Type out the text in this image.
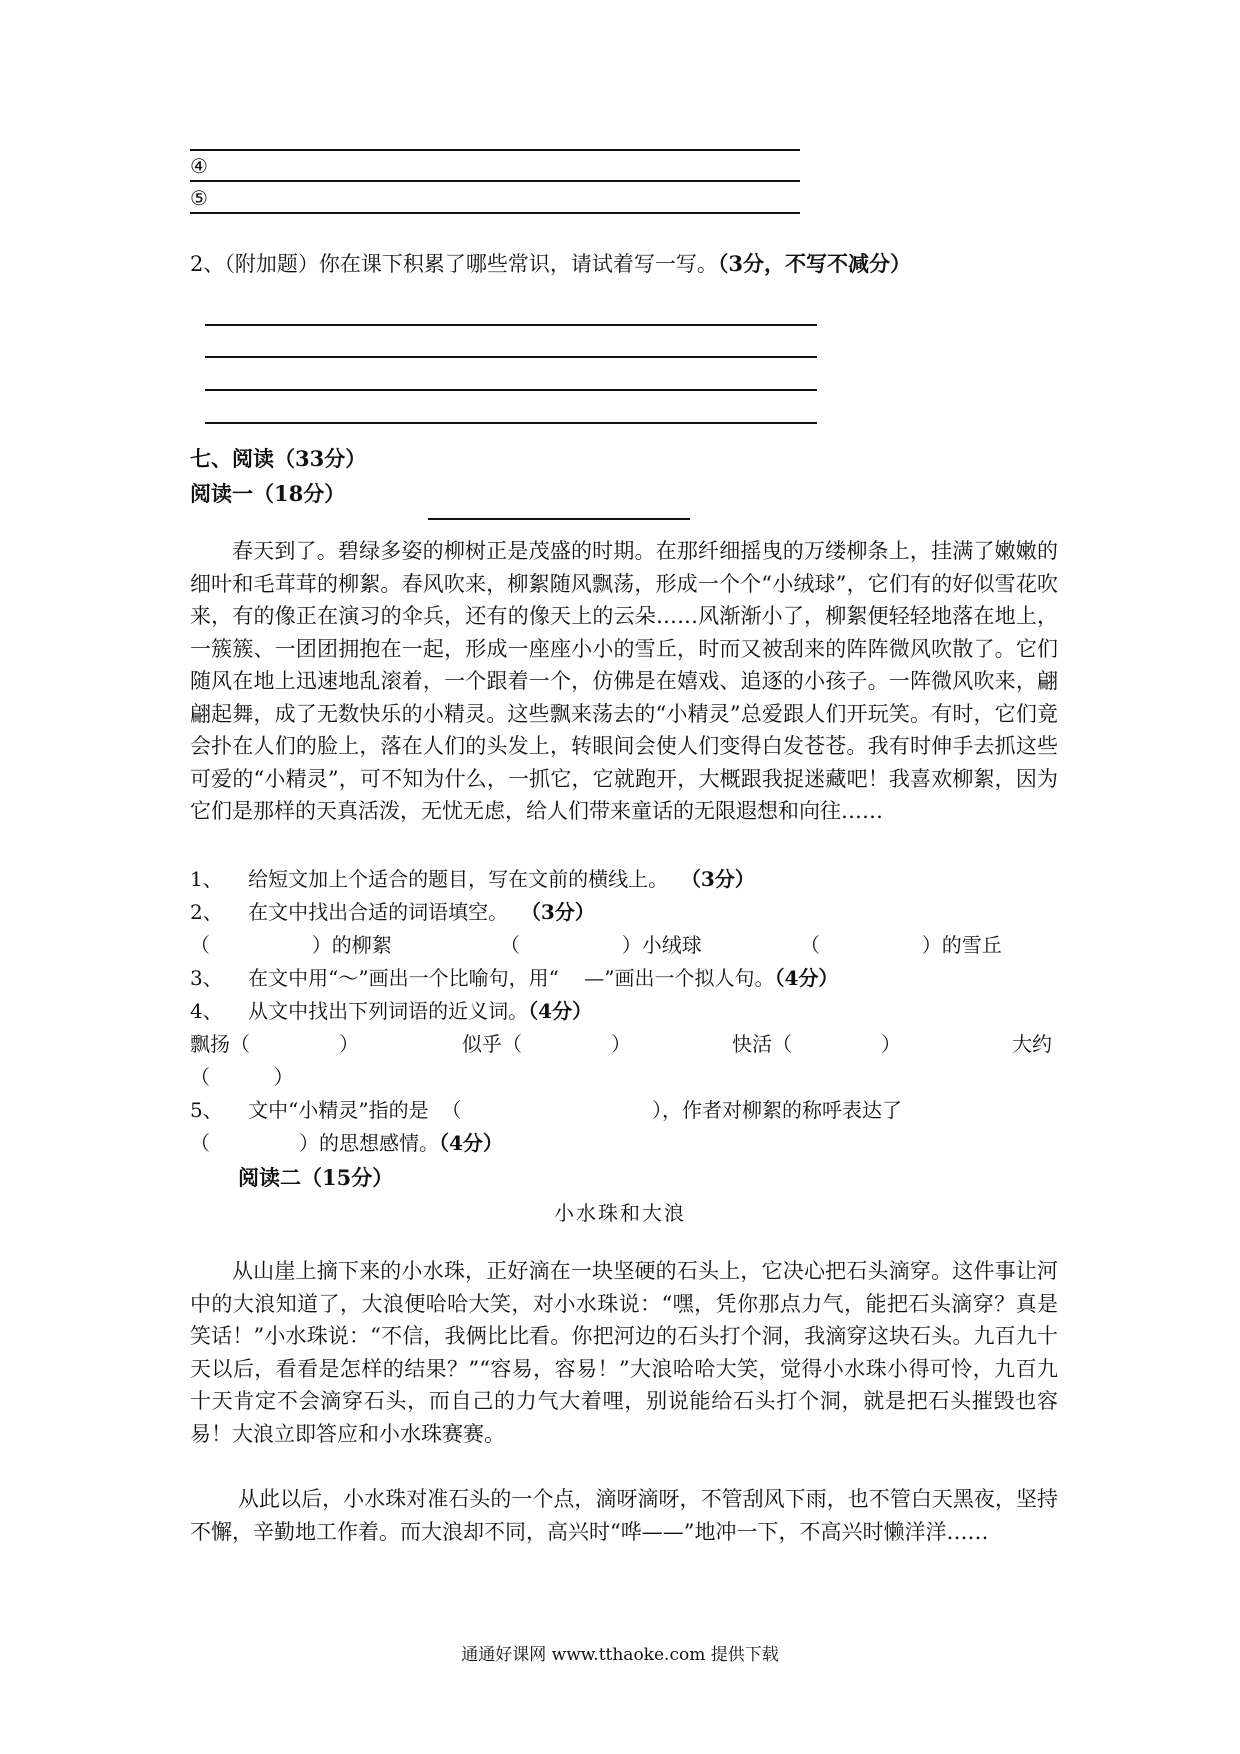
④
⑤
2、（附加题）你在课下积累了哪些常识，请试着写一写。（3分，不写不减分）
七、阅读（33分）
阅读一（18分）
春天到了。碧绿多姿的柳树正是茂盛的时期。在那纤细摇曳的万缕柳条上，挂满了嫩嫩的细叶和毛茸茸的柳絮。春风吹来，柳絮随风飘荡，形成一个个“小绒球”，它们有的好似雪花吹来，有的像正在演习的伞兵，还有的像天上的云朵……风渐渐小了，柳絮便轻轻地落在地上，一簇簇、一团团拥抱在一起，形成一座座小小的雪丘，时而又被刮来的阵阵微风吹散了。它们随风在地上迅速地乱滚着，一个跟着一个，仿佛是在嬉戏、追逐的小孩子。一阵微风吹来，翩翩起舞，成了无数快乐的小精灵。这些飘来荡去的“小精灵”总爱跟人们开玩笑。有时，它们竟会扑在人们的脸上，落在人们的头发上，转眼间会使人们变得白发苍苍。我有时伸手去抓这些可爱的“小精灵”，可不知为什么，一抓它，它就跑开，大概跟我捉迷藏吧！我喜欢柳絮，因为它们是那样的天真活泼，无忧无虑，给人们带来童话的无限遐想和向往……
1、    给短文加上个适合的题目，写在文前的横线上。 （3分）
2、    在文中找出合适的词语填空。 （3分）
（                ）的柳絮	（                ）小绒球	（                ）的雪丘
3、    在文中用“～”画出一个比喻句，用“    —”画出一个拟人句。（4分）
4、    从文中找出下列词语的近义词。（4分）
飘扬（              ）	似乎（              ）	快活（              ）	大约
（          ）
5、    文中“小精灵”指的是  （                              ），作者对柳絮的称呼表达了
（              ）的思想感情。（4分）
阅读二（15分）
小水珠和大浪
从山崖上摘下来的小水珠，正好滴在一块坚硬的石头上，它决心把石头滴穿。这件事让河中的大浪知道了，大浪便哈哈大笑，对小水珠说：“嘿，凭你那点力气，能把石头滴穿？真是笑话！”小水珠说：“不信，我俩比比看。你把河边的石头打个洞，我滴穿这块石头。九百九十天以后，看看是怎样的结果？”“容易，容易！”大浪哈哈大笑，觉得小水珠小得可怜，九百九十天肯定不会滴穿石头，而自己的力气大着哩，别说能给石头打个洞，就是把石头摧毁也容易！大浪立即答应和小水珠赛赛。
从此以后，小水珠对准石头的一个点，滴呀滴呀，不管刮风下雨，也不管白天黑夜，坚持不懈，辛勤地工作着。而大浪却不同，高兴时“哗——”地冲一下，不高兴时懒洋洋……
通通好课网 www.tthaoke.com 提供下载
